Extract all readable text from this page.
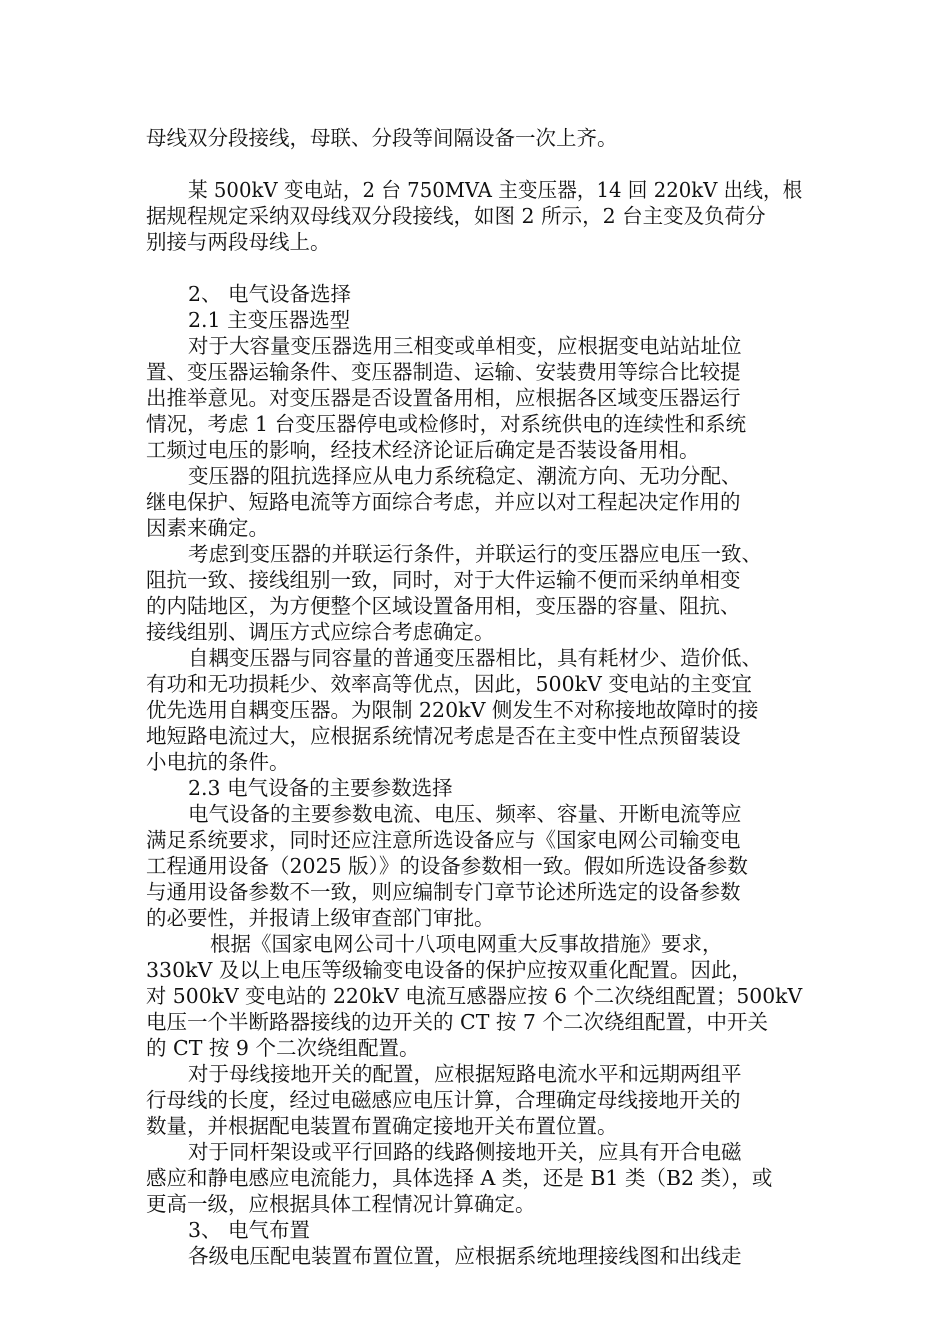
母线双分段接线，母联、分段等间隔设备一次上齐。
某 500kV 变电站，2 台 750MVA 主变压器，14 回 220kV 出线，根
据规程规定采纳双母线双分段接线，如图 2 所示，2 台主变及负荷分
别接与两段母线上。
2、 电气设备选择
2.1 主变压器选型
对于大容量变压器选用三相变或单相变，应根据变电站站址位
置、变压器运输条件、变压器制造、运输、安装费用等综合比较提
出推举意见。对变压器是否设置备用相，应根据各区域变压器运行
情况，考虑 1 台变压器停电或检修时，对系统供电的连续性和系统
工频过电压的影响，经技术经济论证后确定是否装设备用相。
变压器的阻抗选择应从电力系统稳定、潮流方向、无功分配、
继电保护、短路电流等方面综合考虑，并应以对工程起决定作用的
因素来确定。
考虑到变压器的并联运行条件，并联运行的变压器应电压一致、
阻抗一致、接线组别一致，同时，对于大件运输不便而采纳单相变
的内陆地区，为方便整个区域设置备用相，变压器的容量、阻抗、
接线组别、调压方式应综合考虑确定。
自耦变压器与同容量的普通变压器相比，具有耗材少、造价低、
有功和无功损耗少、效率高等优点，因此，500kV 变电站的主变宜
优先选用自耦变压器。为限制 220kV 侧发生不对称接地故障时的接
地短路电流过大，应根据系统情况考虑是否在主变中性点预留装设
小电抗的条件。
2.3 电气设备的主要参数选择
电气设备的主要参数电流、电压、频率、容量、开断电流等应
满足系统要求，同时还应注意所选设备应与《国家电网公司输变电
工程通用设备（2025 版）》的设备参数相一致。假如所选设备参数
与通用设备参数不一致，则应编制专门章节论述所选定的设备参数
的必要性，并报请上级审查部门审批。
根据《国家电网公司十八项电网重大反事故措施》要求，
330kV 及以上电压等级输变电设备的保护应按双重化配置。因此，
对 500kV 变电站的 220kV 电流互感器应按 6 个二次绕组配置；500kV
电压一个半断路器接线的边开关的 CT 按 7 个二次绕组配置，中开关
的 CT 按 9 个二次绕组配置。
对于母线接地开关的配置，应根据短路电流水平和远期两组平
行母线的长度，经过电磁感应电压计算，合理确定母线接地开关的
数量，并根据配电装置布置确定接地开关布置位置。
对于同杆架设或平行回路的线路侧接地开关，应具有开合电磁
感应和静电感应电流能力，具体选择 A 类，还是 B1 类（B2 类），或
更高一级，应根据具体工程情况计算确定。
3、 电气布置
各级电压配电装置布置位置，应根据系统地理接线图和出线走
